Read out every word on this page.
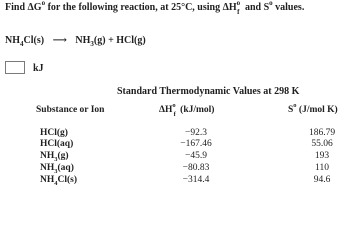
Find $\Delta G^o$ for the following reaction, at 25°C, using $\Delta H^o_f$ and $S^o$ values.
$NH_4Cl(s)$ ⟶ $NH_3(g) + HCl(g)$
kJ
Standard Thermodynamic Values at 298 K
Substance or Ion	$\Delta H^o_f$ (kJ/mol)	$S^o$ (J/mol K)
HCl(g)	−92.3	186.79
HCl(aq)	−167.46	55.06
$NH_3(g)$	−45.9	193
$NH_3(aq)$	−80.83	110
$NH_4Cl(s)$	−314.4	94.6
